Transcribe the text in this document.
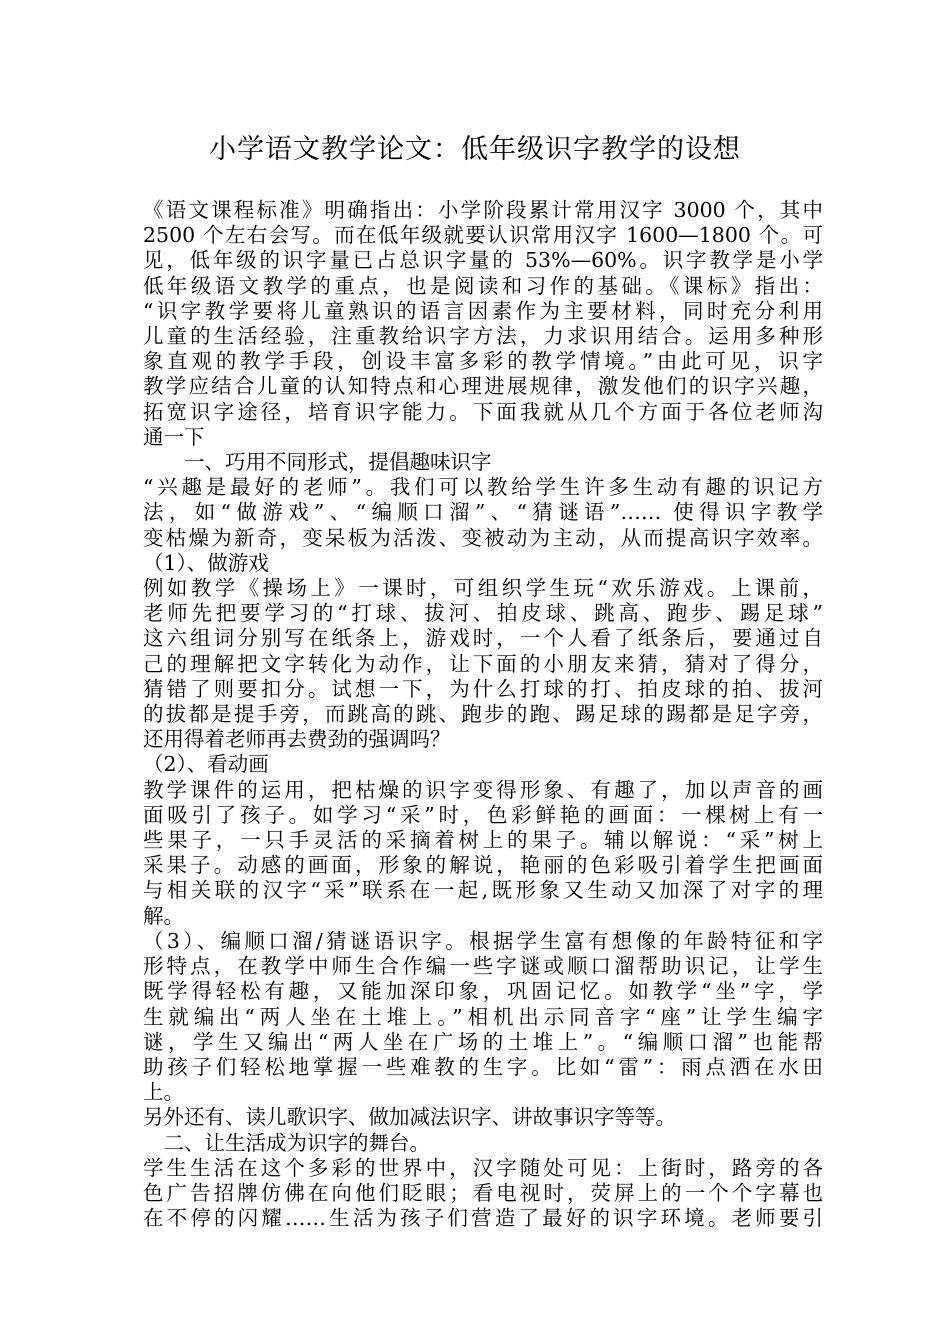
小学语文教学论文：低年级识字教学的设想
《语文课程标准》明确指出：小学阶段累计常用汉字 3000 个，其中
2500 个左右会写。而在低年级就要认识常用汉字 1600—1800 个。可
见，低年级的识字量已占总识字量的 53%—60%。识字教学是小学
低年级语文教学的重点，也是阅读和习作的基础。《课标》指出：
“识字教学要将儿童熟识的语言因素作为主要材料，同时充分利用
儿童的生活经验，注重教给识字方法，力求识用结合。运用多种形
象直观的教学手段，创设丰富多彩的教学情境。”由此可见，识字
教学应结合儿童的认知特点和心理进展规律，激发他们的识字兴趣，
拓宽识字途径，培育识字能力。下面我就从几个方面于各位老师沟
通一下
　　一、巧用不同形式，提倡趣味识字
“兴趣是最好的老师”。我们可以教给学生许多生动有趣的识记方
法，如“做游戏”、“编顺口溜”、“猜谜语”…… 使得识字教学
变枯燥为新奇，变呆板为活泼、变被动为主动，从而提高识字效率。
（1）、做游戏
例如教学《操场上》一课时，可组织学生玩“欢乐游戏。上课前，
老师先把要学习的“打球、拔河、拍皮球、跳高、跑步、踢足球”
这六组词分别写在纸条上，游戏时，一个人看了纸条后，要通过自
己的理解把文字转化为动作，让下面的小朋友来猜，猜对了得分，
猜错了则要扣分。试想一下，为什么打球的打、拍皮球的拍、拔河
的拔都是提手旁，而跳高的跳、跑步的跑、踢足球的踢都是足字旁，
还用得着老师再去费劲的强调吗？
（2）、看动画
教学课件的运用，把枯燥的识字变得形象、有趣了，加以声音的画
面吸引了孩子。如学习“采”时，色彩鲜艳的画面：一棵树上有一
些果子，一只手灵活的采摘着树上的果子。辅以解说：“采”树上
采果子。动感的画面，形象的解说，艳丽的色彩吸引着学生把画面
与相关联的汉字“采”联系在一起,既形象又生动又加深了对字的理
解。
（3）、编顺口溜/猜谜语识字。根据学生富有想像的年龄特征和字
形特点，在教学中师生合作编一些字谜或顺口溜帮助识记，让学生
既学得轻松有趣，又能加深印象，巩固记忆。如教学“坐”字，学
生就编出“两人坐在土堆上。”相机出示同音字“座”让学生编字
谜，学生又编出“两人坐在广场的土堆上”。“编顺口溜”也能帮
助孩子们轻松地掌握一些难教的生字。比如“雷”：雨点洒在水田
上。
另外还有、读儿歌识字、做加减法识字、讲故事识字等等。
　二、让生活成为识字的舞台。
学生生活在这个多彩的世界中，汉字随处可见：上街时，路旁的各
色广告招牌仿佛在向他们眨眼；看电视时，荧屏上的一个个字幕也
在不停的闪耀……生活为孩子们营造了最好的识字环境。老师要引
